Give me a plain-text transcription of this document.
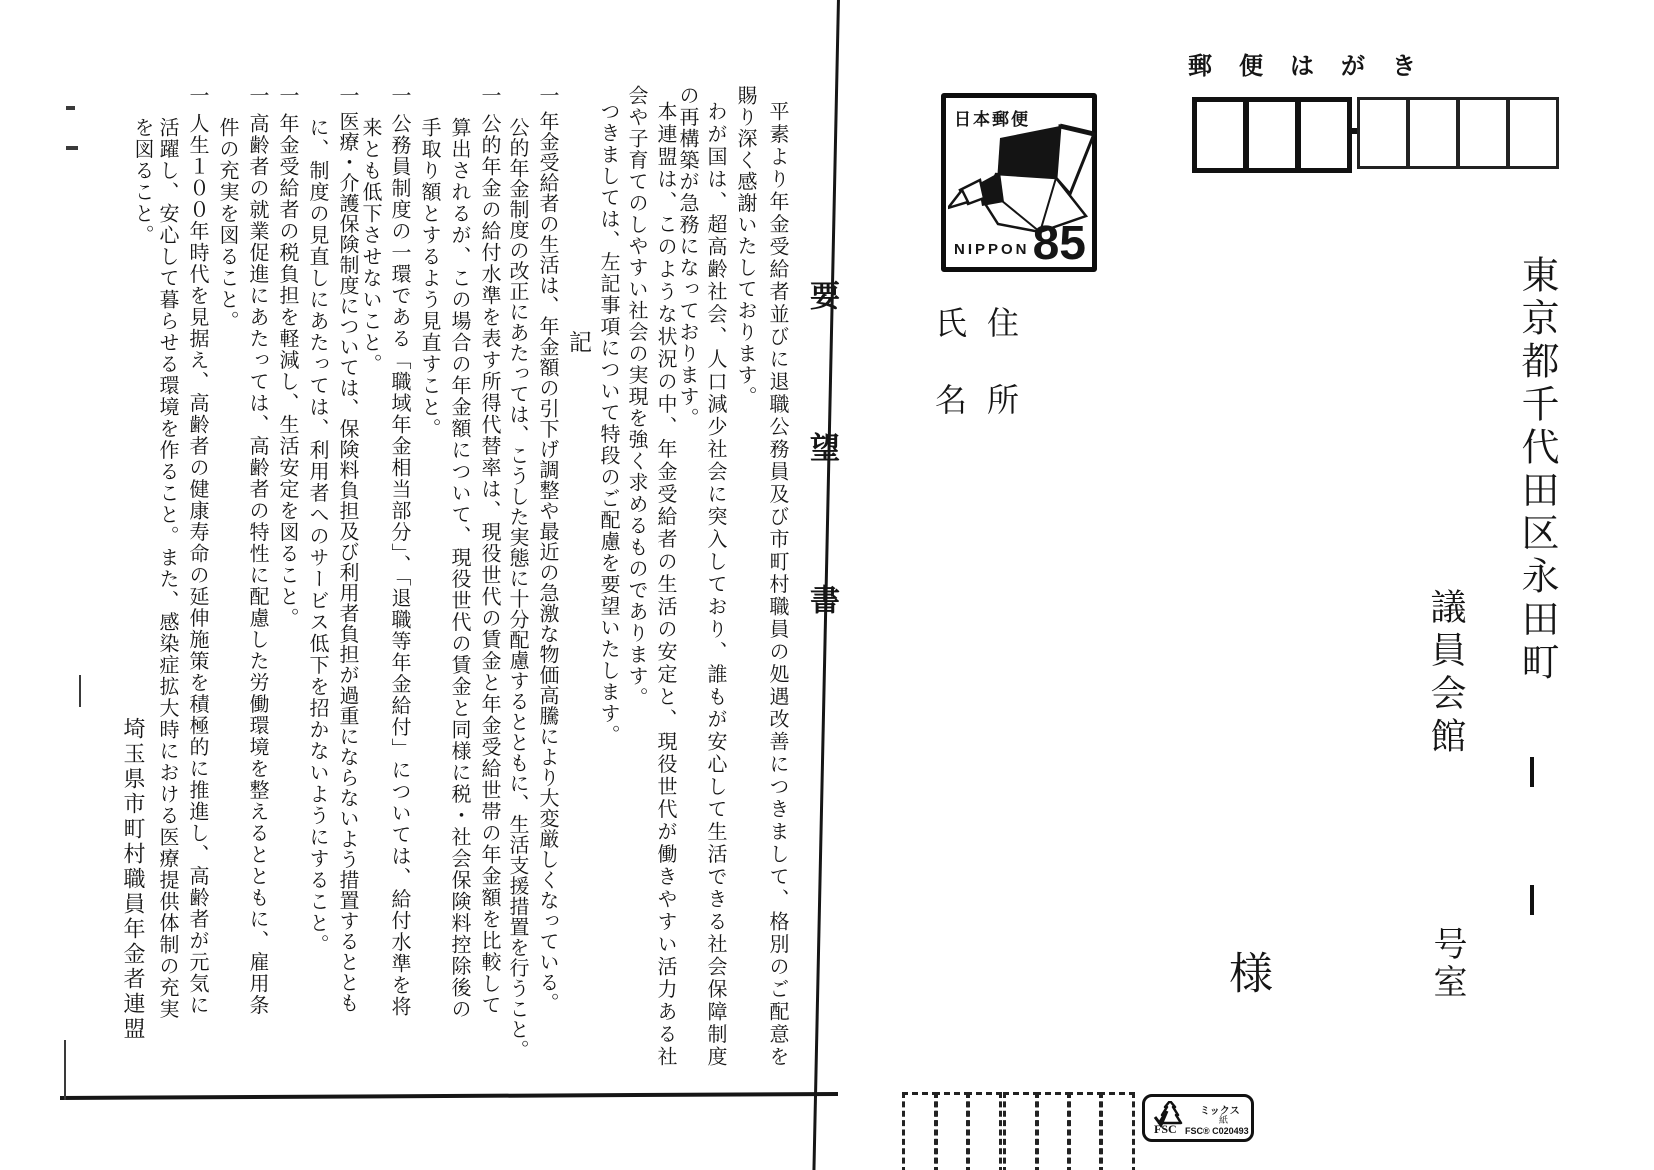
要望書
平素より年金受給者並びに退職公務員及び市町村職員の処遇改善につきまして、格別のご配意を
賜り深く感謝いたしております。
わが国は、超高齢社会、人口減少社会に突入しており、誰もが安心して生活できる社会保障制度
の再構築が急務になっております。
本連盟は、このような状況の中、年金受給者の生活の安定と、現役世代が働きやすい活力ある社
会や子育てのしやすい社会の実現を強く求めるものであります。
つきましては、左記事項について特段のご配慮を要望いたします。
記
一 年金受給者の生活は、年金額の引下げ調整や最近の急激な物価高騰により大変厳しくなっている。
公的年金制度の改正にあたっては、こうした実態に十分配慮するとともに、生活支援措置を行うこと。
一 公的年金の給付水準を表す所得代替率は、現役世代の賃金と年金受給世帯の年金額を比較して
算出されるが、この場合の年金額について、現役世代の賃金と同様に税・社会保険料控除後の
手取り額とするよう見直すこと。
一 公務員制度の一環である「職域年金相当部分」、「退職等年金給付」については、給付水準を将
来とも低下させないこと。
一 医療・介護保険制度については、保険料負担及び利用者負担が過重にならないよう措置するととも
に、制度の見直しにあたっては、利用者へのサービス低下を招かないようにすること。
一 年金受給者の税負担を軽減し、生活安定を図ること。
一 高齢者の就業促進にあたっては、高齢者の特性に配慮した労働環境を整えるとともに、雇用条
件の充実を図ること。
一 人生１００年時代を見据え、高齢者の健康寿命の延伸施策を積極的に推進し、高齢者が元気に
活躍し、安心して暮らせる環境を作ること。また、感染症拡大時における医療提供体制の充実
を図ること。
埼玉県市町村職員年金者連盟
郵便はがき
日本郵便
NIPPON 85
住所
氏名	東京都千代田区永田町
議員会館
号室
様
FSC
ミックス
紙
FSC® C020493
